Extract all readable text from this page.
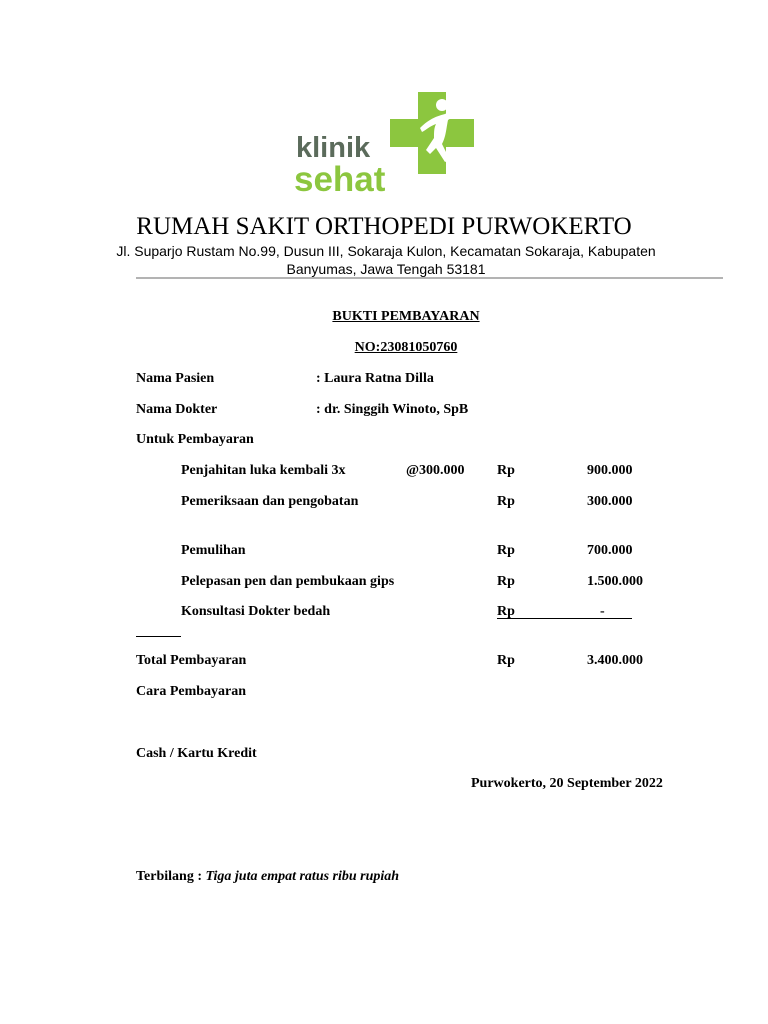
klinik
sehat
RUMAH SAKIT ORTHOPEDI PURWOKERTO
Jl. Suparjo Rustam No.99, Dusun III, Sokaraja Kulon, Kecamatan Sokaraja, Kabupaten
Banyumas, Jawa Tengah 53181
BUKTI PEMBAYARAN
NO:23081050760
Nama Pasien	: Laura Ratna Dilla
Nama Dokter	: dr. Singgih Winoto, SpB
Untuk Pembayaran
Penjahitan luka kembali 3x	@300.000 Rp	900.000
Pemeriksaan dan pengobatan	Rp	300.000
Pemulihan	Rp	700.000
Pelepasan pen dan pembukaan gips	Rp	1.500.000
Konsultasi Dokter bedah	Rp	-
Total Pembayaran	Rp	3.400.000
Cara Pembayaran
Cash / Kartu Kredit
Purwokerto, 20 September 2022
Terbilang : Tiga juta empat ratus ribu rupiah
